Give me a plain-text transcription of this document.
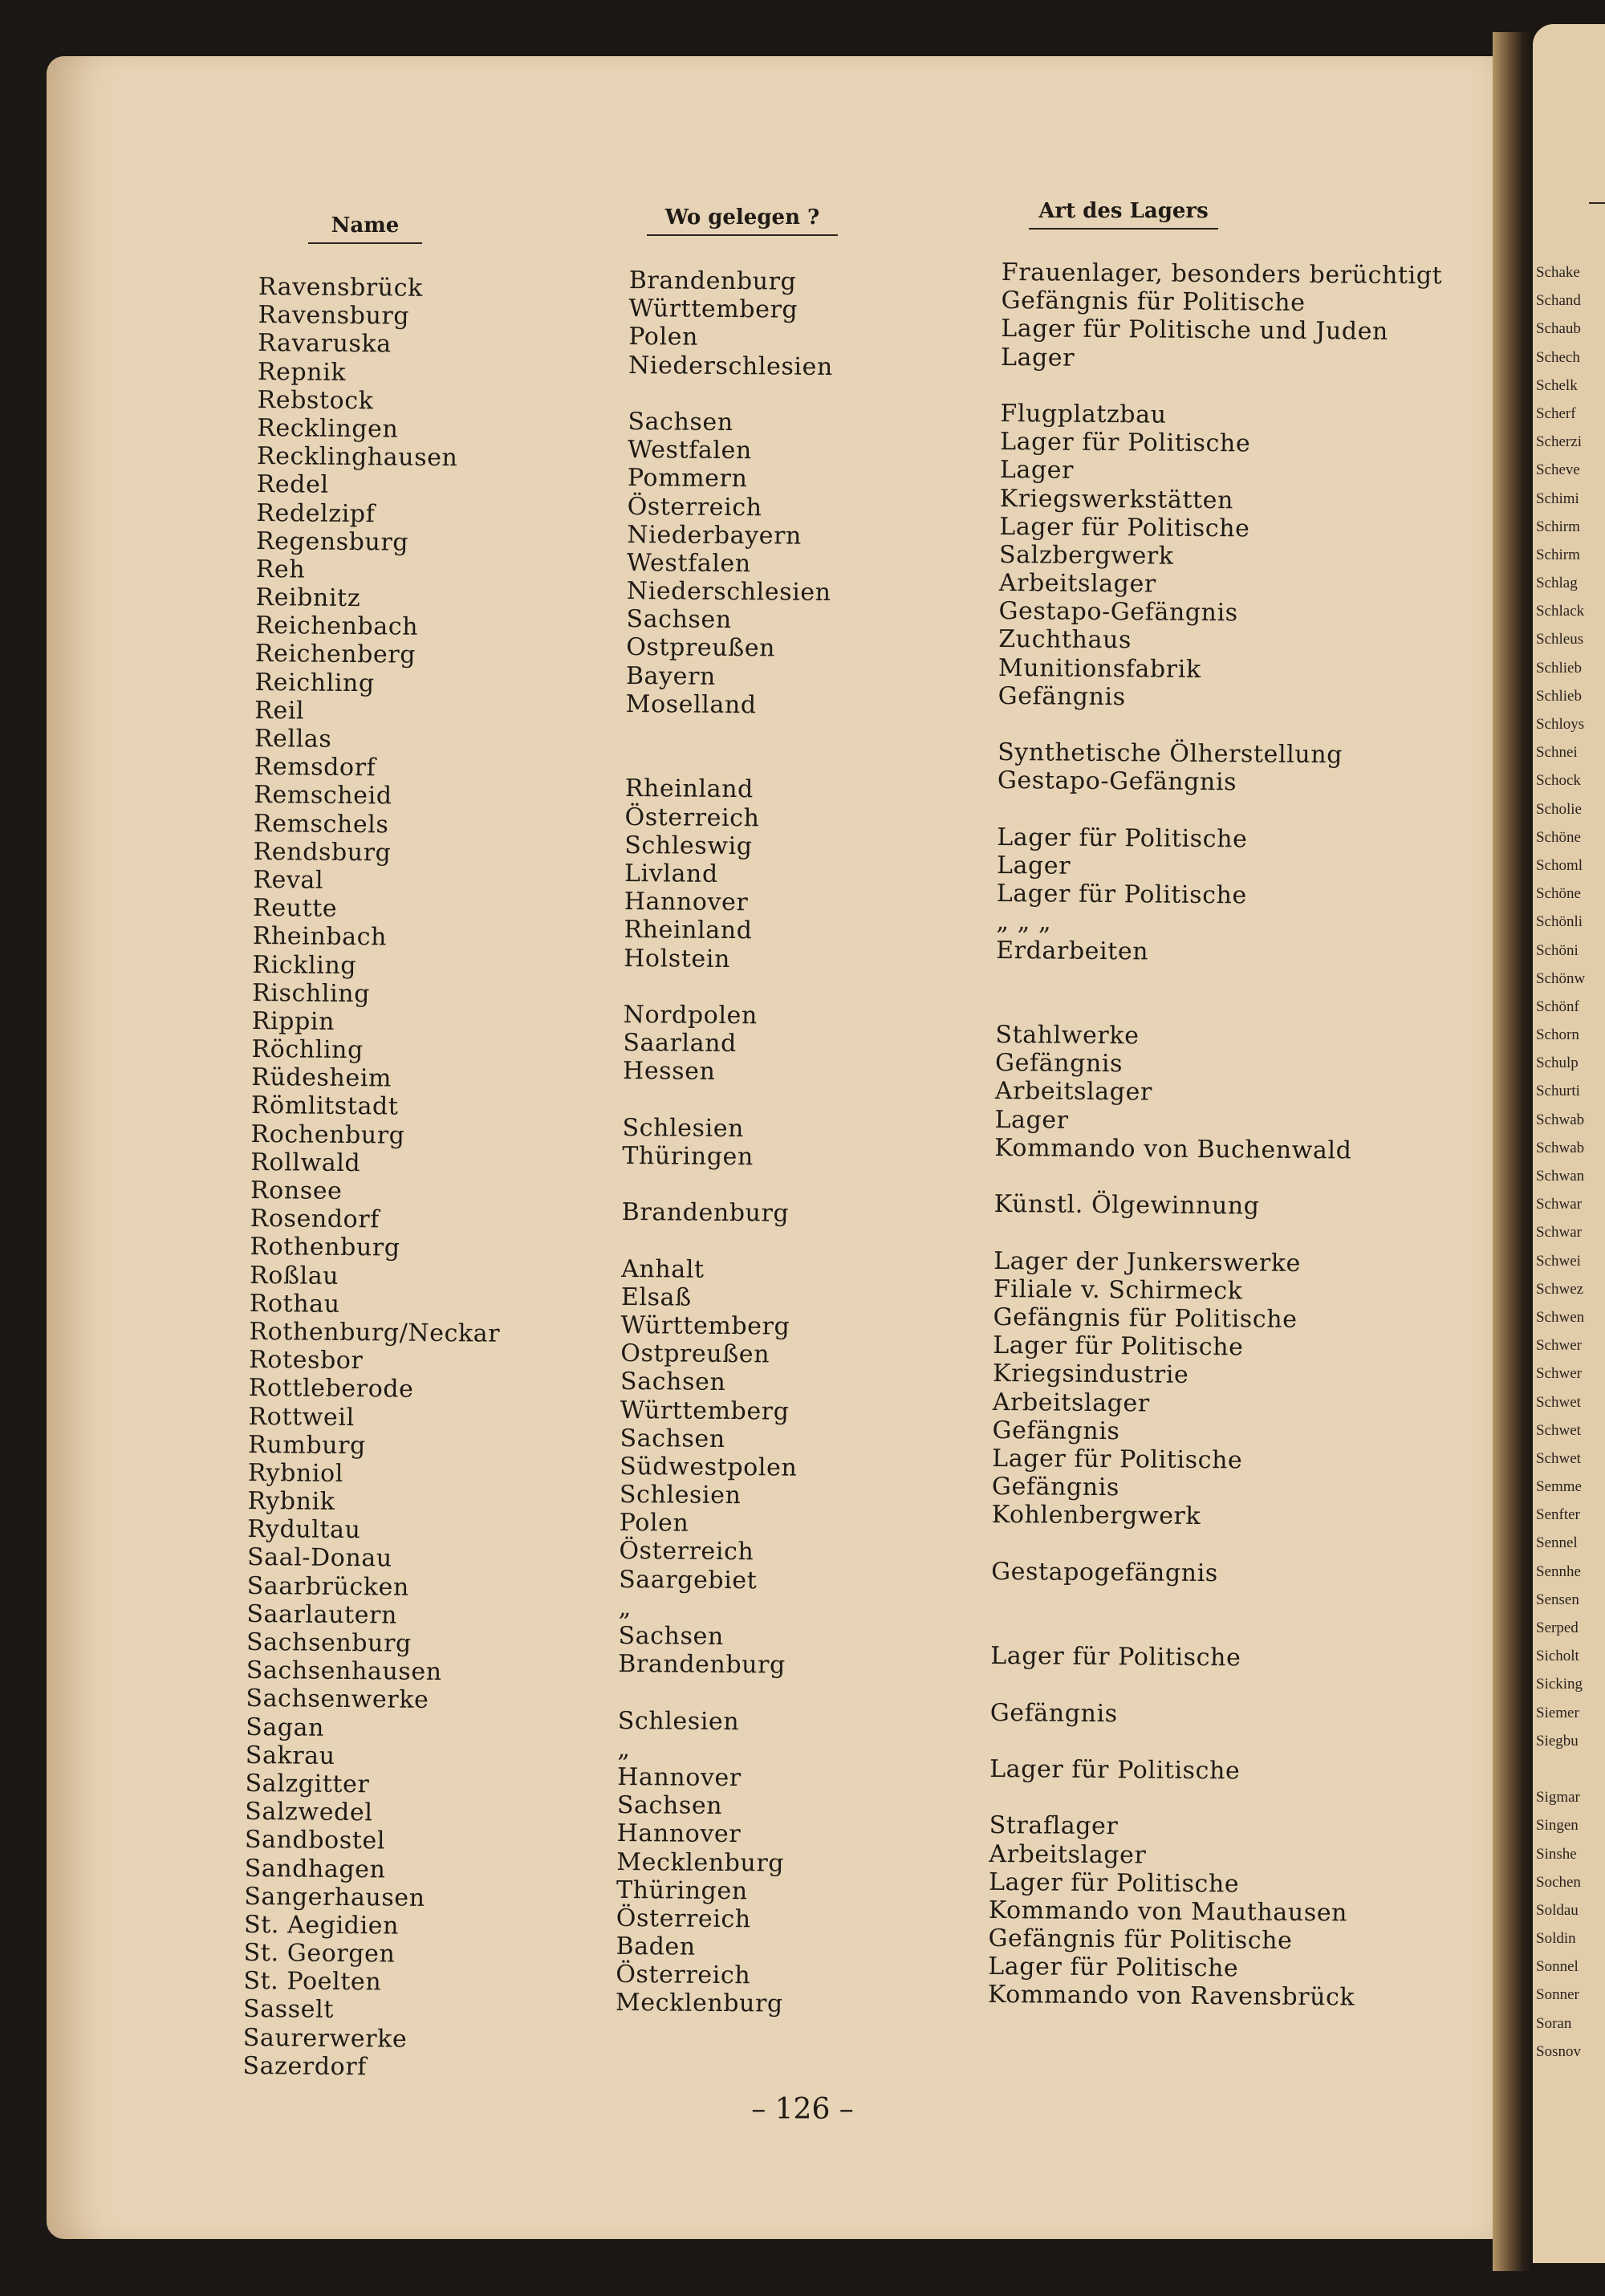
Schake
Schand
Schaub
Schech
Schelk
Scherf
Scherzi
Scheve
Schimi
Schirm
Schirm
Schlag
Schlack
Schleus
Schlieb
Schlieb
Schloys
Schnei
Schock
Scholie
Schöne
Schoml
Schöne
Schönli
Schöni
Schönw
Schönf
Schorn
Schulp
Schurti
Schwab
Schwab
Schwan
Schwar
Schwar
Schwei
Schwez
Schwen
Schwer
Schwer
Schwet
Schwet
Schwet
Semme
Senfter
Sennel
Sennhe
Sensen
Serped
Sicholt
Sicking
Siemer
Siegbu
Sigmar
Singen
Sinshe
Sochen
Soldau
Soldin
Sonnel
Sonner
Soran
Sosnov
Name	Wo gelegen ?	Art des Lagers
Ravensbrück
Ravensburg
Ravaruska
Repnik
Rebstock
Recklingen
Recklinghausen
Redel
Redelzipf
Regensburg
Reh
Reibnitz
Reichenbach
Reichenberg
Reichling
Reil
Rellas
Remsdorf
Remscheid
Remschels
Rendsburg
Reval
Reutte
Rheinbach
Rickling
Rischling
Rippin
Röchling
Rüdesheim
Römlitstadt
Rochenburg
Rollwald
Ronsee
Rosendorf
Rothenburg
Roßlau
Rothau
Rothenburg/Neckar
Rotesbor
Rottleberode
Rottweil
Rumburg
Rybniol
Rybnik
Rydultau
Saal-Donau
Saarbrücken
Saarlautern
Sachsenburg
Sachsenhausen
Sachsenwerke
Sagan
Sakrau
Salzgitter
Salzwedel
Sandbostel
Sandhagen
Sangerhausen
St. Aegidien
St. Georgen
St. Poelten
Sasselt
Saurerwerke
Sazerdorf
Brandenburg
Württemberg
Polen
Niederschlesien
Sachsen
Westfalen
Pommern
Österreich
Niederbayern
Westfalen
Niederschlesien
Sachsen
Ostpreußen
Bayern
Moselland
Rheinland
Österreich
Schleswig
Livland
Hannover
Rheinland
Holstein
Nordpolen
Saarland
Hessen
Schlesien
Thüringen
Brandenburg
Anhalt
Elsaß
Württemberg
Ostpreußen
Sachsen
Württemberg
Sachsen
Südwestpolen
Schlesien
Polen
Österreich
Saargebiet
„
Sachsen
Brandenburg
Schlesien
„
Hannover
Sachsen
Hannover
Mecklenburg
Thüringen
Österreich
Baden
Österreich
Mecklenburg
Frauenlager, besonders berüchtigt
Gefängnis für Politische
Lager für Politische und Juden
Lager
Flugplatzbau
Lager für Politische
Lager
Kriegswerkstätten
Lager für Politische
Salzbergwerk
Arbeitslager
Gestapo-Gefängnis
Zuchthaus
Munitionsfabrik
Gefängnis
Synthetische Ölherstellung
Gestapo-Gefängnis
Lager für Politische
Lager
Lager für Politische
„ „ „
Erdarbeiten
Stahlwerke
Gefängnis
Arbeitslager
Lager
Kommando von Buchenwald
Künstl. Ölgewinnung
Lager der Junkerswerke
Filiale v. Schirmeck
Gefängnis für Politische
Lager für Politische
Kriegsindustrie
Arbeitslager
Gefängnis
Lager für Politische
Gefängnis
Kohlenbergwerk
Gestapogefängnis
Lager für Politische
Gefängnis
Lager für Politische
Straflager
Arbeitslager
Lager für Politische
Kommando von Mauthausen
Gefängnis für Politische
Lager für Politische
Kommando von Ravensbrück
– 126 –
